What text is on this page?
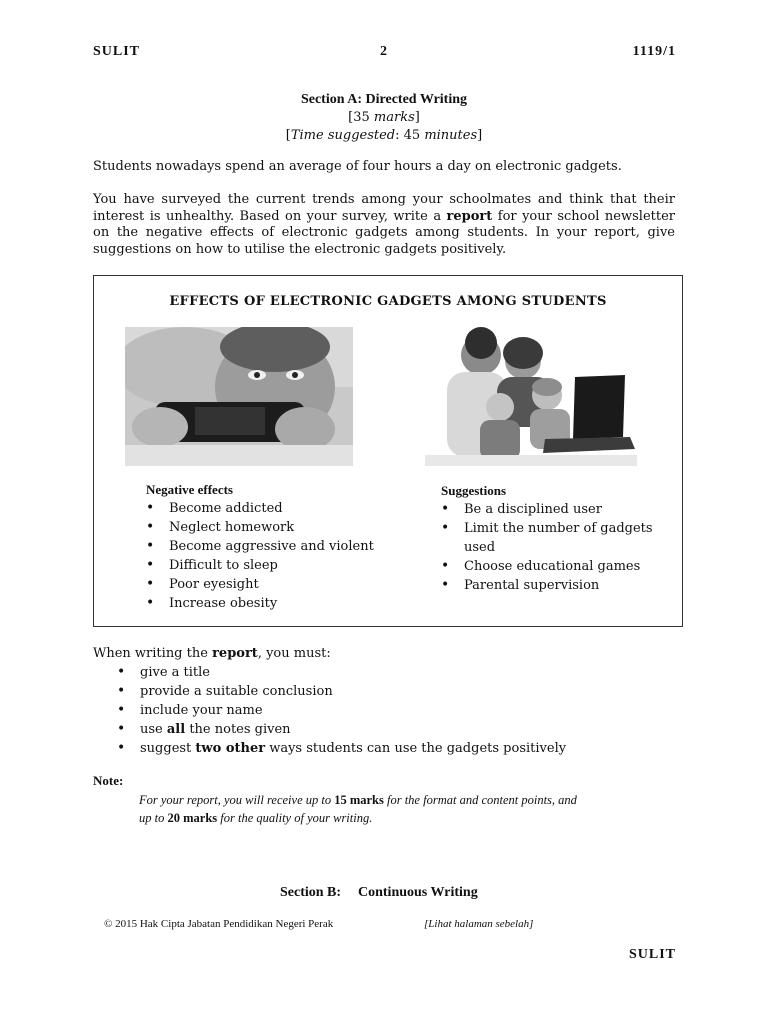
SULIT	2	1119/1
Section A: Directed Writing
[35 marks]
[Time suggested: 45 minutes]

Students nowadays spend an average of four hours a day on electronic gadgets.

You have surveyed the current trends among your schoolmates and think that their interest is unhealthy. Based on your survey, write a report for your school newsletter on the negative effects of electronic gadgets among students. In your report, give suggestions on how to utilise the electronic gadgets positively.

EFFECTS OF ELECTRONIC GADGETS AMONG STUDENTS
Negative effects
• Become addicted
• Neglect homework
• Become aggressive and violent
• Difficult to sleep
• Poor eyesight
• Increase obesity
Suggestions
• Be a disciplined user
• Limit the number of gadgets used
• Choose educational games
• Parental supervision
When writing the report, you must:
• give a title
• provide a suitable conclusion
• include your name
• use all the notes given
• suggest two other ways students can use the gadgets positively
Note:
For your report, you will receive up to 15 marks for the format and content points, and
up to 20 marks for the quality of your writing.
Section B: Continuous Writing
© 2015 Hak Cipta Jabatan Pendidikan Negeri Perak	[Lihat halaman sebelah]
SULIT
